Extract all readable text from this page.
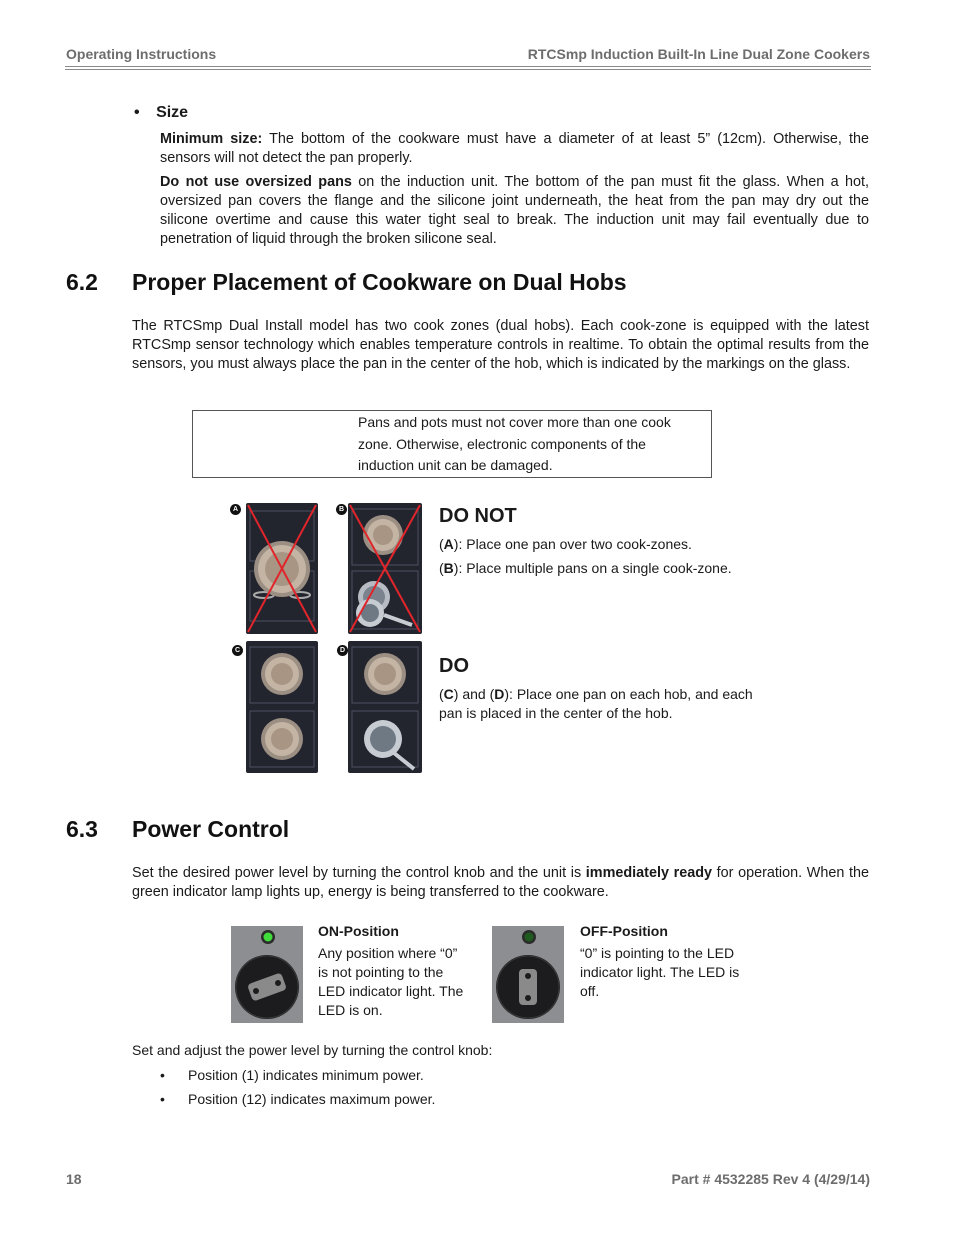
Operating Instructions	RTCSmp Induction Built-In Line Dual Zone Cookers
• Size

Minimum size: The bottom of the cookware must have a diameter of at least 5” (12cm). Otherwise, the sensors will not detect the pan properly.

Do not use oversized pans on the induction unit. The bottom of the pan must fit the glass. When a hot, oversized pan covers the flange and the silicone joint underneath, the heat from the pan may dry out the silicone overtime and cause this water tight seal to break. The induction unit may fail eventually due to penetration of liquid through the broken silicone seal.

6.2 Proper Placement of Cookware on Dual Hobs

The RTCSmp Dual Install model has two cook zones (dual hobs). Each cook-zone is equipped with the latest RTCSmp sensor technology which enables temperature controls in realtime. To obtain the optimal results from the sensors, you must always place the pan in the center of the hob, which is indicated by the markings on the glass.

Pans and pots must not cover more than one cook zone. Otherwise, electronic components of the induction unit can be damaged.
A	B	DO NOT
(A): Place one pan over two cook-zones.
(B): Place multiple pans on a single cook-zone.
C	D
DO
(C) and (D): Place one pan on each hob, and each pan is placed in the center of the hob.
6.3 Power Control

Set the desired power level by turning the control knob and the unit is immediately ready for operation. When the green indicator lamp lights up, energy is being transferred to the cookware.

ON-Position
Any position where “0” is not pointing to the LED indicator light. The LED is on.
OFF-Position
“0” is pointing to the LED indicator light. The LED is off.
Set and adjust the power level by turning the control knob:
• Position (1) indicates minimum power.
• Position (12) indicates maximum power.
18	Part # 4532285 Rev 4 (4/29/14)
